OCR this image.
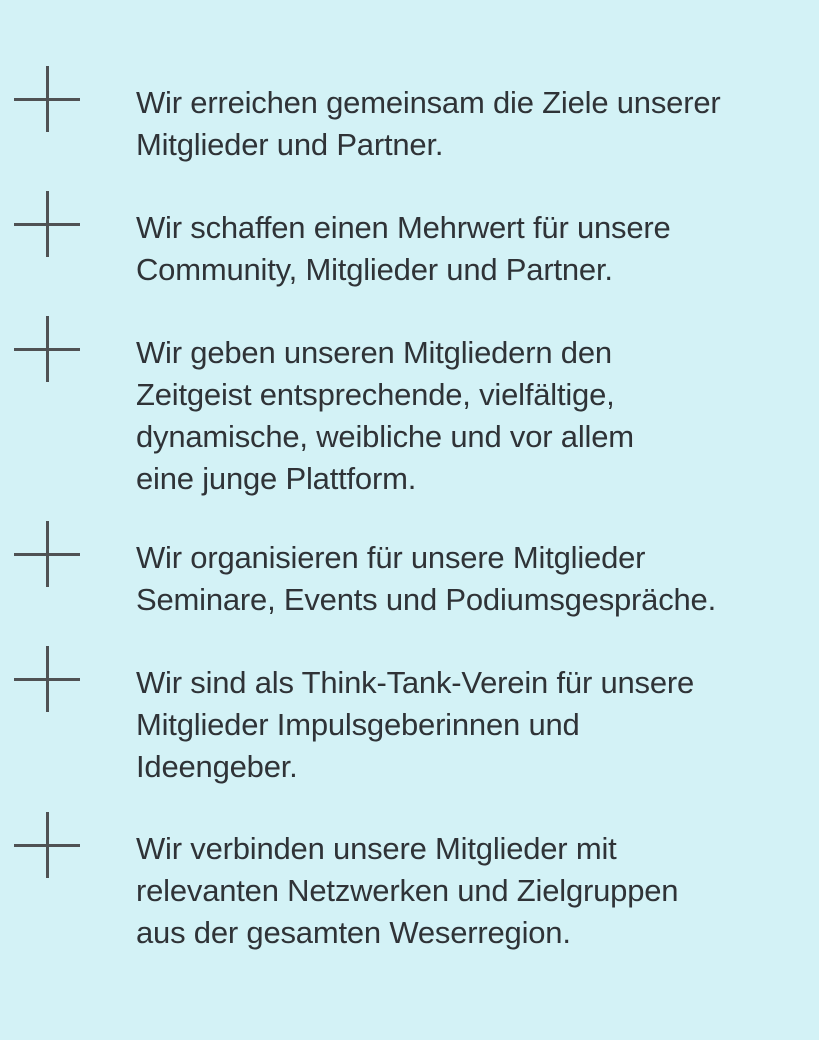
Wir erreichen gemeinsam die Ziele unserer
Mitglieder und Partner.
Wir schaffen einen Mehrwert für unsere
Community, Mitglieder und Partner.
Wir geben unseren Mitgliedern den
Zeitgeist entsprechende, vielfältige,
dynamische, weibliche und vor allem
eine junge Plattform.
Wir organisieren für unsere Mitglieder
Seminare, Events und Podiumsgespräche.
Wir sind als Think-Tank-Verein für unsere
Mitglieder Impulsgeberinnen und
Ideengeber.
Wir verbinden unsere Mitglieder mit
relevanten Netzwerken und Zielgruppen
aus der gesamten Weserregion.
